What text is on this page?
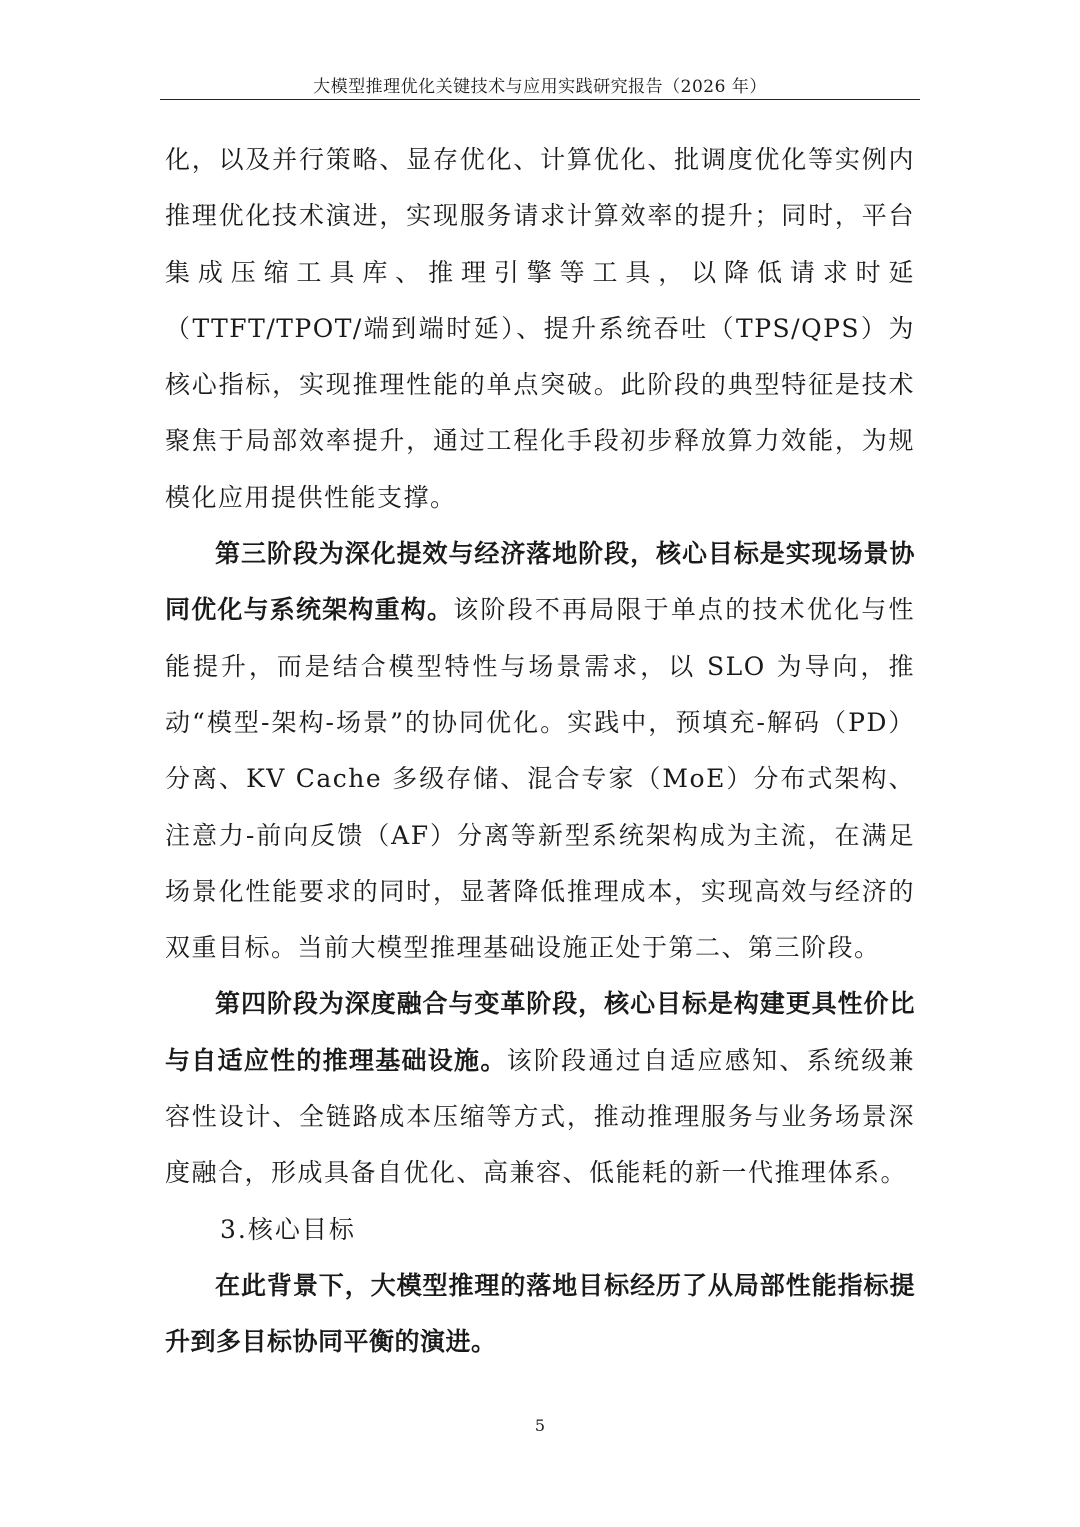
大模型推理优化关键技术与应用实践研究报告（2026 年）

化，以及并行策略、显存优化、计算优化、批调度优化等实例内推理优化技术演进，实现服务请求计算效率的提升；同时，平台集成压缩工具库、推理引擎等工具，以降低请求时延（TTFT/TPOT/端到端时延）、提升系统吞吐（TPS/QPS）为核心指标，实现推理性能的单点突破。此阶段的典型特征是技术聚焦于局部效率提升，通过工程化手段初步释放算力效能，为规模化应用提供性能支撑。

第三阶段为深化提效与经济落地阶段，核心目标是实现场景协同优化与系统架构重构。该阶段不再局限于单点的技术优化与性能提升，而是结合模型特性与场景需求，以 SLO 为导向，推动“模型-架构-场景”的协同优化。实践中，预填充-解码（PD）分离、KV Cache 多级存储、混合专家（MoE）分布式架构、注意力-前向反馈（AF）分离等新型系统架构成为主流，在满足场景化性能要求的同时，显著降低推理成本，实现高效与经济的双重目标。当前大模型推理基础设施正处于第二、第三阶段。

第四阶段为深度融合与变革阶段，核心目标是构建更具性价比与自适应性的推理基础设施。该阶段通过自适应感知、系统级兼容性设计、全链路成本压缩等方式，推动推理服务与业务场景深度融合，形成具备自优化、高兼容、低能耗的新一代推理体系。

3.核心目标

在此背景下，大模型推理的落地目标经历了从局部性能指标提升到多目标协同平衡的演进。

5
